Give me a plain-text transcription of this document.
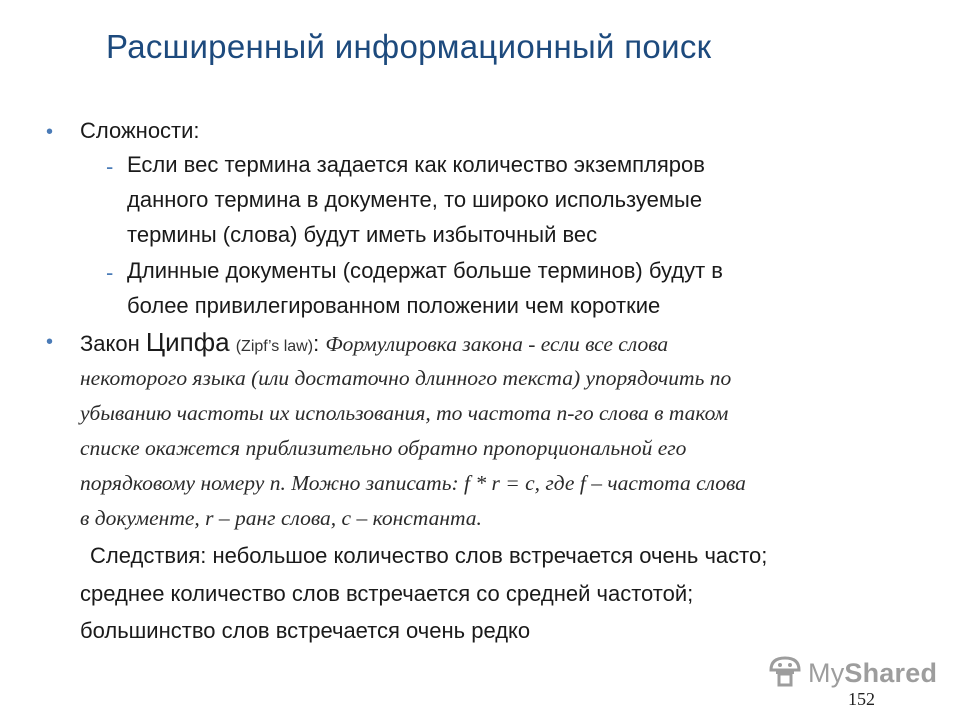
Расширенный информационный поиск
• Сложности:
- Если вес термина задается как количество экземпляров
данного термина в документе, то широко используемые
термины (слова) будут иметь избыточный вес
- Длинные документы (содержат больше терминов) будут в
более привилегированном положении чем короткие
• Закон Ципфа (Zipf’s law): Формулировка закона - если все слова
некоторого языка (или достаточно длинного текста) упорядочить по
убыванию частоты их использования, то частота n-го слова в таком
списке окажется приблизительно обратно пропорциональной его
порядковому номеру n. Можно записать: f * r = c, где f – частота слова
в документе, r – ранг слова, c – константа.
Следствия: небольшое количество слов встречается очень часто;
среднее количество слов встречается со средней частотой;
большинство слов встречается очень редко
MyShared
152
